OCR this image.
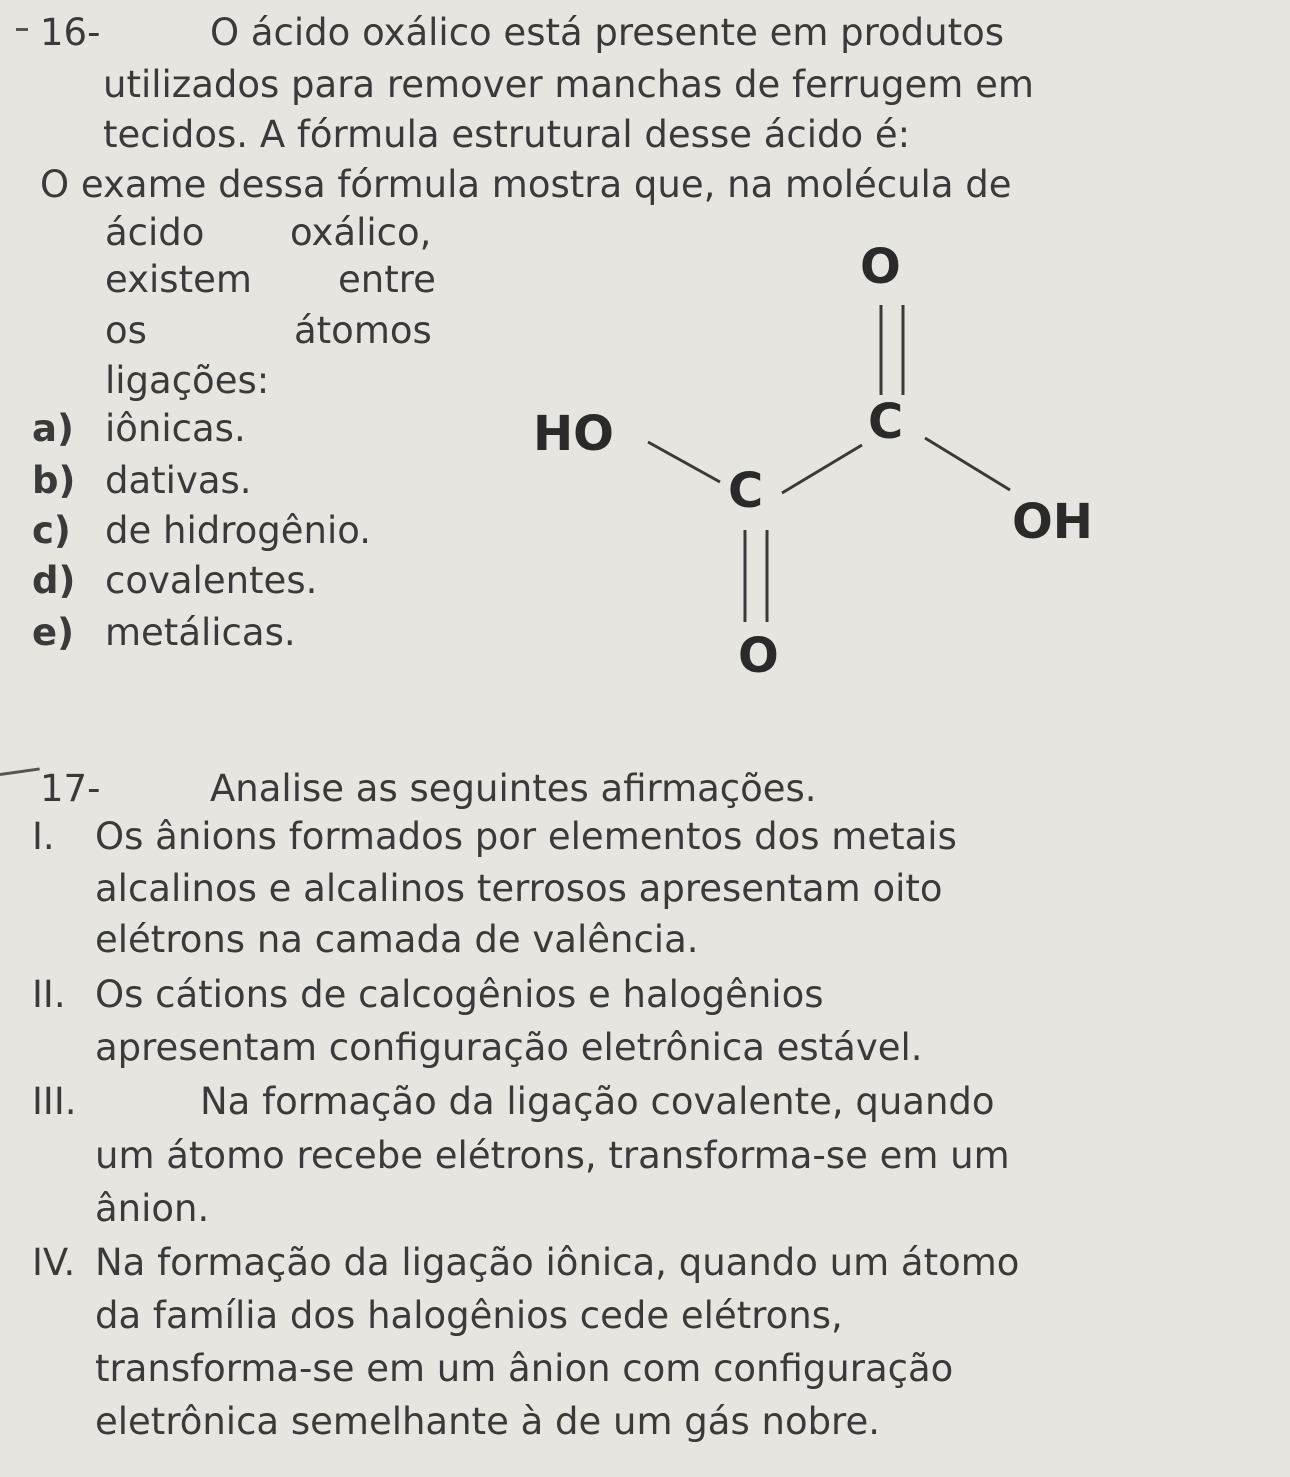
16-	O ácido oxálico está presente em produtos
utilizados para remover manchas de ferrugem em
tecidos. A fórmula estrutural desse ácido é:
O exame dessa fórmula mostra que, na molécula de
ácido oxálico,
existem entre
os	átomos
ligações:
a) iônicas.
b) dativas.
c) de hidrogênio.
d) covalentes.
e) metálicas.
O
C
HO
C
OH
O
17-	Analise as seguintes afirmações.
I. Os ânions formados por elementos dos metais
alcalinos e alcalinos terrosos apresentam oito
elétrons na camada de valência.
II. Os cátions de calcogênios e halogênios
apresentam configuração eletrônica estável.
III.	Na formação da ligação covalente, quando
um átomo recebe elétrons, transforma-se em um
ânion.
IV. Na formação da ligação iônica, quando um átomo
da família dos halogênios cede elétrons,
transforma-se em um ânion com configuração
eletrônica semelhante à de um gás nobre.
